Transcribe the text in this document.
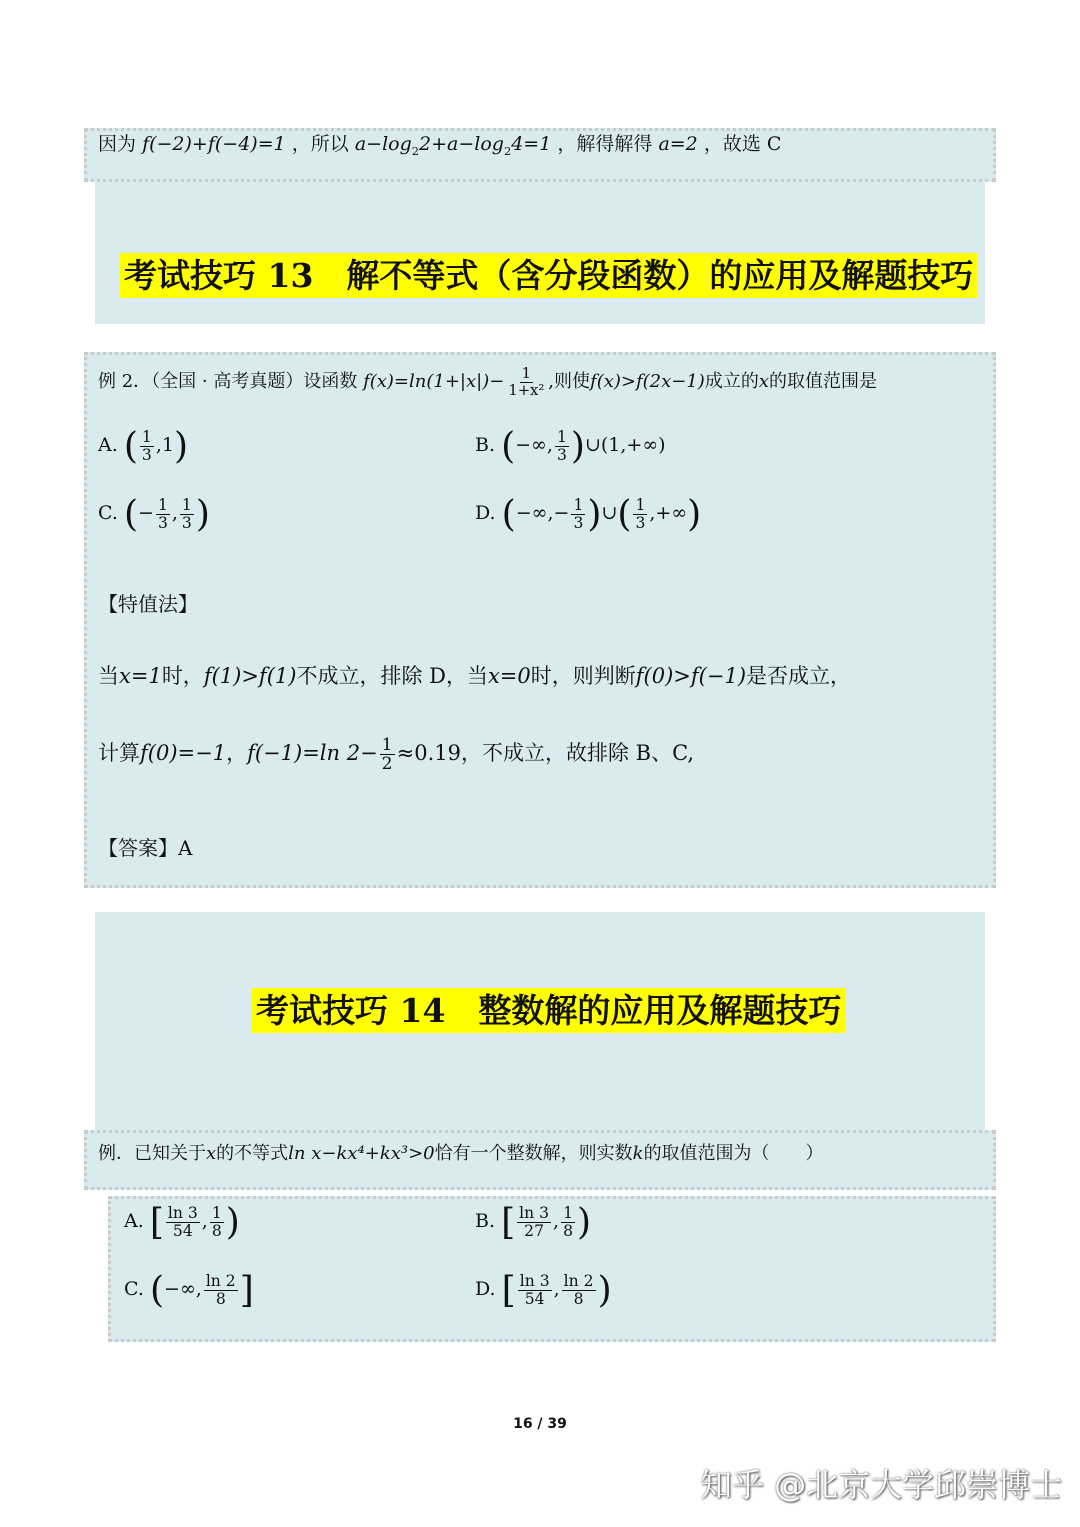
因为 f(−2)+f(−4)=1 ，所以 $a-\log_22+a-\log_24=1$ ，解得解得 a=2 ，故选 C
考试技巧 13　解不等式（含分段函数）的应用及解题技巧
例 2．（全国 · 高考真题）设函数 $f(x)=\ln(1+|x|)- \frac{1}{\text{1+x²}}$ ,则使f(x)>f(2x−1)成立的x的取值范围是
A. ( $\frac{1}{3} ,1$)	B. (−∞, $\frac{1}{3}$ )∪(1,+∞)
C. (− $\frac{1}{3}$ , $\frac{1}{3}$ )	D. (−∞,− $\frac{1}{3}$ )∪( $\frac{1}{3}$ ,+∞)
【特值法】
当x=1时，f(1)>f(1)不成立，排除 D，当x=0时，则判断f(0)>f(−1)是否成立，
计算f(0)=−1，f(−1)=ln $2- \frac{1}{2} \approx 0.19$，不成立，故排除 B、C,
【答案】A
考试技巧 14　整数解的应用及解题技巧
例．已知关于x的不等式ln x−kx⁴+kx³>0恰有一个整数解，则实数k的取值范围为（　　）
A. [ $\frac{\ln 3}{54}$ , $\frac{1}{8}$ )	B. [ $\frac{\ln 3}{27}$ , $\frac{1}{8}$ )
C. (−∞, $\frac{\ln 2}{8}$ ]	D. [ $\frac{\ln 3}{54}$ , $\frac{\ln 2}{8}$ )
16 / 39
知乎 @北京大学邱崇博士
